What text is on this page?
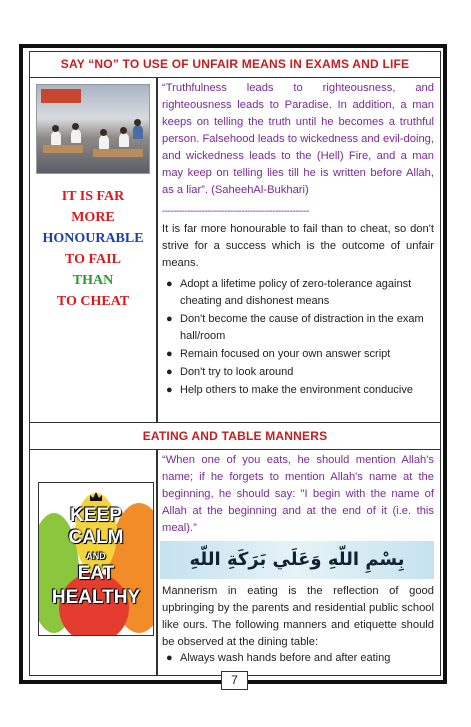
SAY “NO” TO USE OF UNFAIR MEANS IN EXAMS AND LIFE
IT IS FAR
MORE
HONOURABLE
TO FAIL
THAN
TO CHEAT
“Truthfulness leads to righteousness, and righteousness leads to Paradise. In addition, a man keeps on telling the truth until he becomes a truthful person. Falsehood leads to wickedness and evil-doing, and wickedness leads to the (Hell) Fire, and a man may keep on telling lies till he is written before Allah, as a liar”. (SaheehAl-Bukhari)
----------------------------------------------------
It is far more honourable to fail than to cheat, so don't strive for a success which is the outcome of unfair means.
● Adopt a lifetime policy of zero-tolerance against cheating and dishonest means
● Don't become the cause of distraction in the exam hall/room
● Remain focused on your own answer script
● Don't try to look around
● Help others to make the environment conducive
EATING AND TABLE MANNERS
KEEP
CALM
AND
EAT
HEALTHY
“When one of you eats, he should mention Allah's name; if he forgets to mention Allah's name at the beginning, he should say: "I begin with the name of Allah at the beginning and at the end of it (i.e. this meal).”
بِسْمِ اللّهِ وَعَلَي بَرَكَةِ اللّهِ
Mannerism in eating is the reflection of good upbringing by the parents and residential public school like ours. The following manners and etiquette should be observed at the dining table:
● Always wash hands before and after eating
7
